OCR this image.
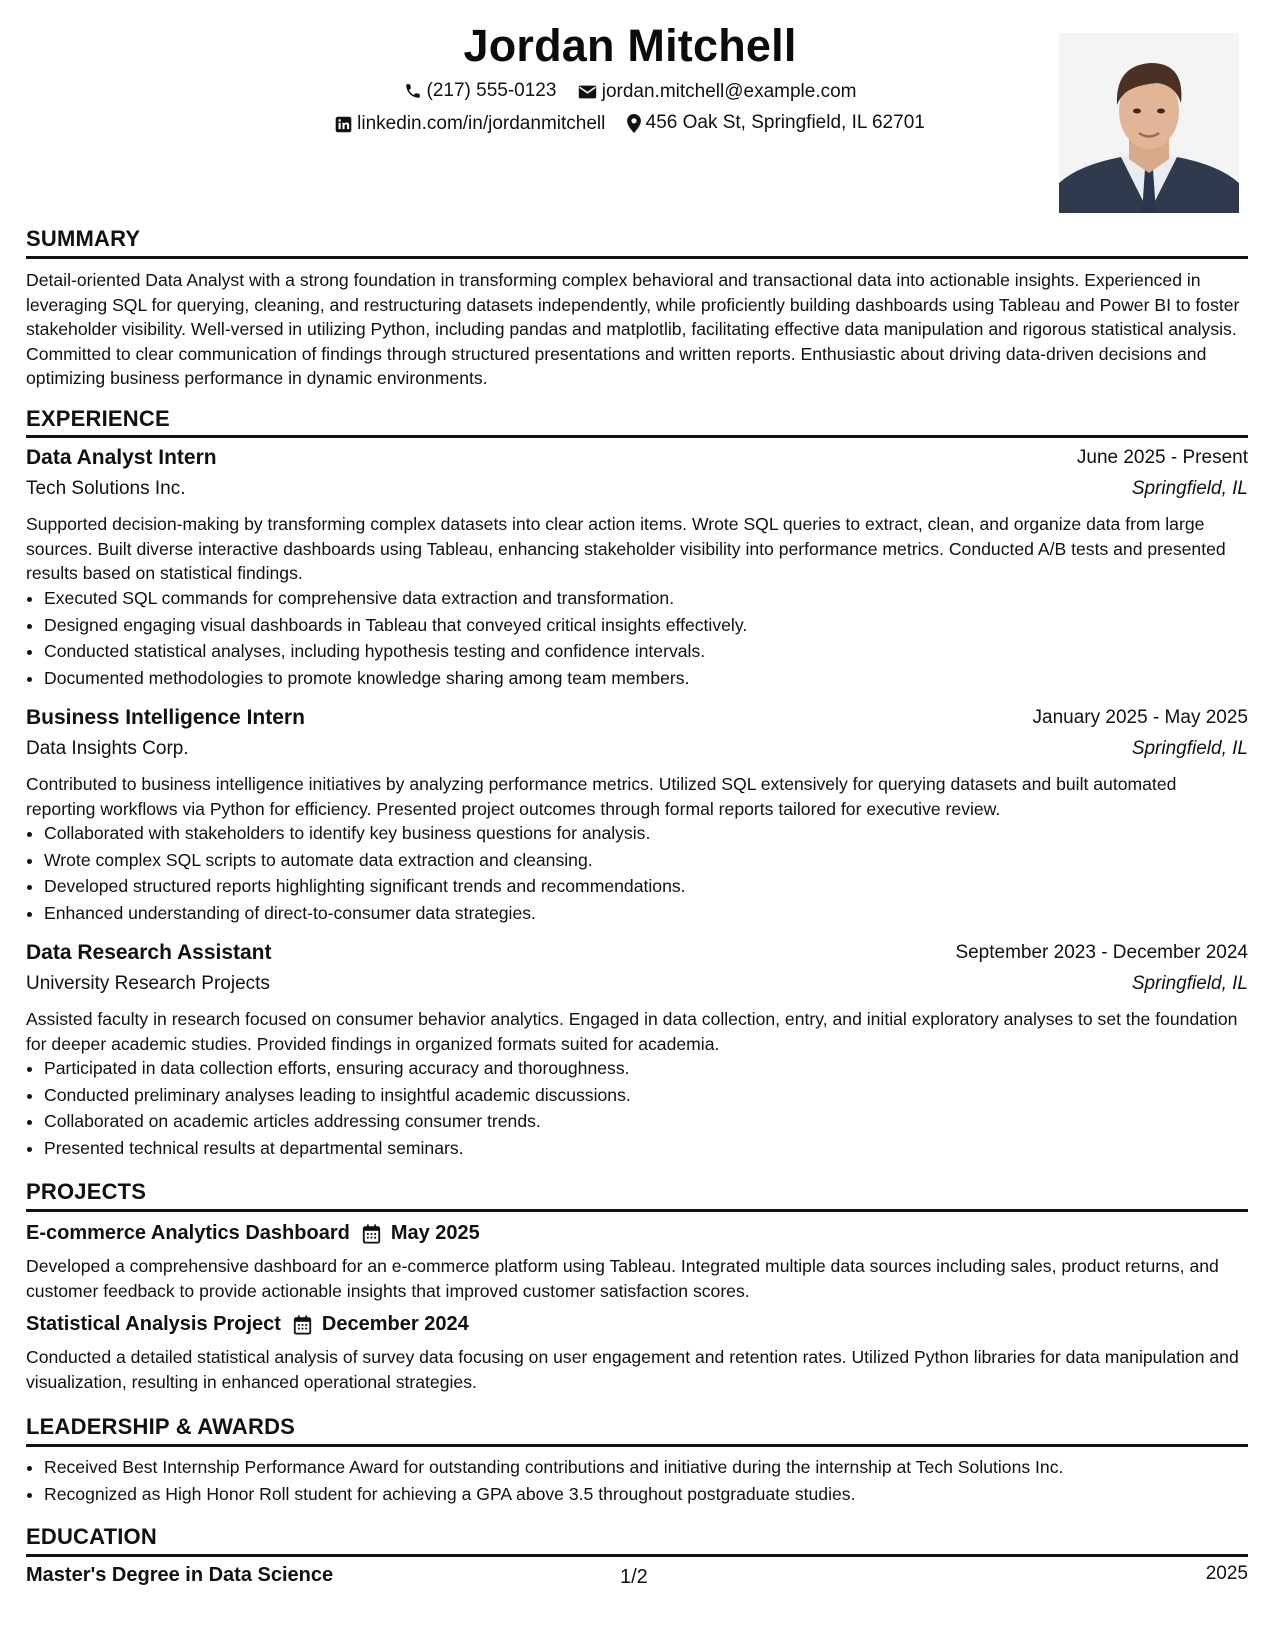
Jordan Mitchell
(217) 555-0123
jordan.mitchell@example.com
linkedin.com/in/jordanmitchell
456 Oak St, Springfield, IL 62701
SUMMARY
Detail-oriented Data Analyst with a strong foundation in transforming complex behavioral and transactional data into actionable insights. Experienced in leveraging SQL for querying, cleaning, and restructuring datasets independently, while proficiently building dashboards using Tableau and Power BI to foster stakeholder visibility. Well-versed in utilizing Python, including pandas and matplotlib, facilitating effective data manipulation and rigorous statistical analysis. Committed to clear communication of findings through structured presentations and written reports. Enthusiastic about driving data-driven decisions and optimizing business performance in dynamic environments.
EXPERIENCE
Data Analyst Intern	June 2025 - Present
Tech Solutions Inc.	Springfield, IL
Supported decision-making by transforming complex datasets into clear action items. Wrote SQL queries to extract, clean, and organize data from large sources. Built diverse interactive dashboards using Tableau, enhancing stakeholder visibility into performance metrics. Conducted A/B tests and presented results based on statistical findings.
• Executed SQL commands for comprehensive data extraction and transformation.
• Designed engaging visual dashboards in Tableau that conveyed critical insights effectively.
• Conducted statistical analyses, including hypothesis testing and confidence intervals.
• Documented methodologies to promote knowledge sharing among team members.
Business Intelligence Intern	January 2025 - May 2025
Data Insights Corp.	Springfield, IL
Contributed to business intelligence initiatives by analyzing performance metrics. Utilized SQL extensively for querying datasets and built automated reporting workflows via Python for efficiency. Presented project outcomes through formal reports tailored for executive review.
• Collaborated with stakeholders to identify key business questions for analysis.
• Wrote complex SQL scripts to automate data extraction and cleansing.
• Developed structured reports highlighting significant trends and recommendations.
• Enhanced understanding of direct-to-consumer data strategies.
Data Research Assistant	September 2023 - December 2024
University Research Projects	Springfield, IL
Assisted faculty in research focused on consumer behavior analytics. Engaged in data collection, entry, and initial exploratory analyses to set the foundation for deeper academic studies. Provided findings in organized formats suited for academia.
• Participated in data collection efforts, ensuring accuracy and thoroughness.
• Conducted preliminary analyses leading to insightful academic discussions.
• Collaborated on academic articles addressing consumer trends.
• Presented technical results at departmental seminars.
PROJECTS
E-commerce Analytics Dashboard May 2025
Developed a comprehensive dashboard for an e-commerce platform using Tableau. Integrated multiple data sources including sales, product returns, and customer feedback to provide actionable insights that improved customer satisfaction scores.
Statistical Analysis Project December 2024
Conducted a detailed statistical analysis of survey data focusing on user engagement and retention rates. Utilized Python libraries for data manipulation and visualization, resulting in enhanced operational strategies.
LEADERSHIP & AWARDS
• Received Best Internship Performance Award for outstanding contributions and initiative during the internship at Tech Solutions Inc.
• Recognized as High Honor Roll student for achieving a GPA above 3.5 throughout postgraduate studies.
EDUCATION
Master's Degree in Data Science	2025
1/2
